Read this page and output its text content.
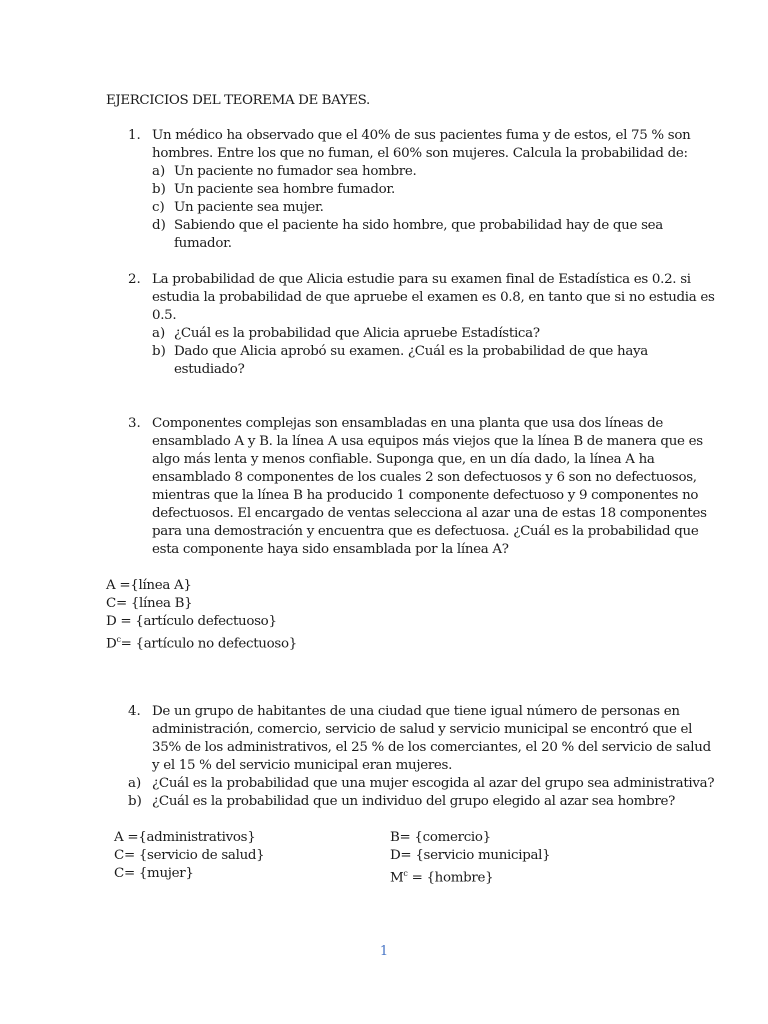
EJERCICIOS DEL TEOREMA DE BAYES.
1. Un médico ha observado que el 40% de sus pacientes fuma y de estos, el 75 % son
hombres. Entre los que no fuman, el 60% son mujeres. Calcula la probabilidad de:
a) Un paciente no fumador sea hombre.
b) Un paciente sea hombre fumador.
c) Un paciente sea mujer.
d) Sabiendo que el paciente ha sido hombre, que probabilidad hay de que sea
fumador.
2. La probabilidad de que Alicia estudie para su examen final de Estadística es 0.2. si
estudia la probabilidad de que apruebe el examen es 0.8, en tanto que si no estudia es
0.5.
a) ¿Cuál es la probabilidad que Alicia apruebe Estadística?
b) Dado que Alicia aprobó su examen. ¿Cuál es la probabilidad de que haya
estudiado?
3. Componentes complejas son ensambladas en una planta que usa dos líneas de
ensamblado A y B. la línea A usa equipos más viejos que la línea B de manera que es
algo más lenta y menos confiable. Suponga que, en un día dado, la línea A ha
ensamblado 8 componentes de los cuales 2 son defectuosos y 6 son no defectuosos,
mientras que la línea B ha producido 1 componente defectuoso y 9 componentes no
defectuosos. El encargado de ventas selecciona al azar una de estas 18 componentes
para una demostración y encuentra que es defectuosa. ¿Cuál es la probabilidad que
esta componente haya sido ensamblada por la línea A?
A ={línea A}
C= {línea B}
D = {artículo defectuoso}
$D^c=$ {artículo no defectuoso}
4. De un grupo de habitantes de una ciudad que tiene igual número de personas en
administración, comercio, servicio de salud y servicio municipal se encontró que el
35% de los administrativos, el 25 % de los comerciantes, el 20 % del servicio de salud
y el 15 % del servicio municipal eran mujeres.
a) ¿Cuál es la probabilidad que una mujer escogida al azar del grupo sea administrativa?
b) ¿Cuál es la probabilidad que un individuo del grupo elegido al azar sea hombre?
A ={administrativos}
C= {servicio de salud}
C= {mujer}
B= {comercio}
D= {servicio municipal}
$M^c$ = {hombre}
1
